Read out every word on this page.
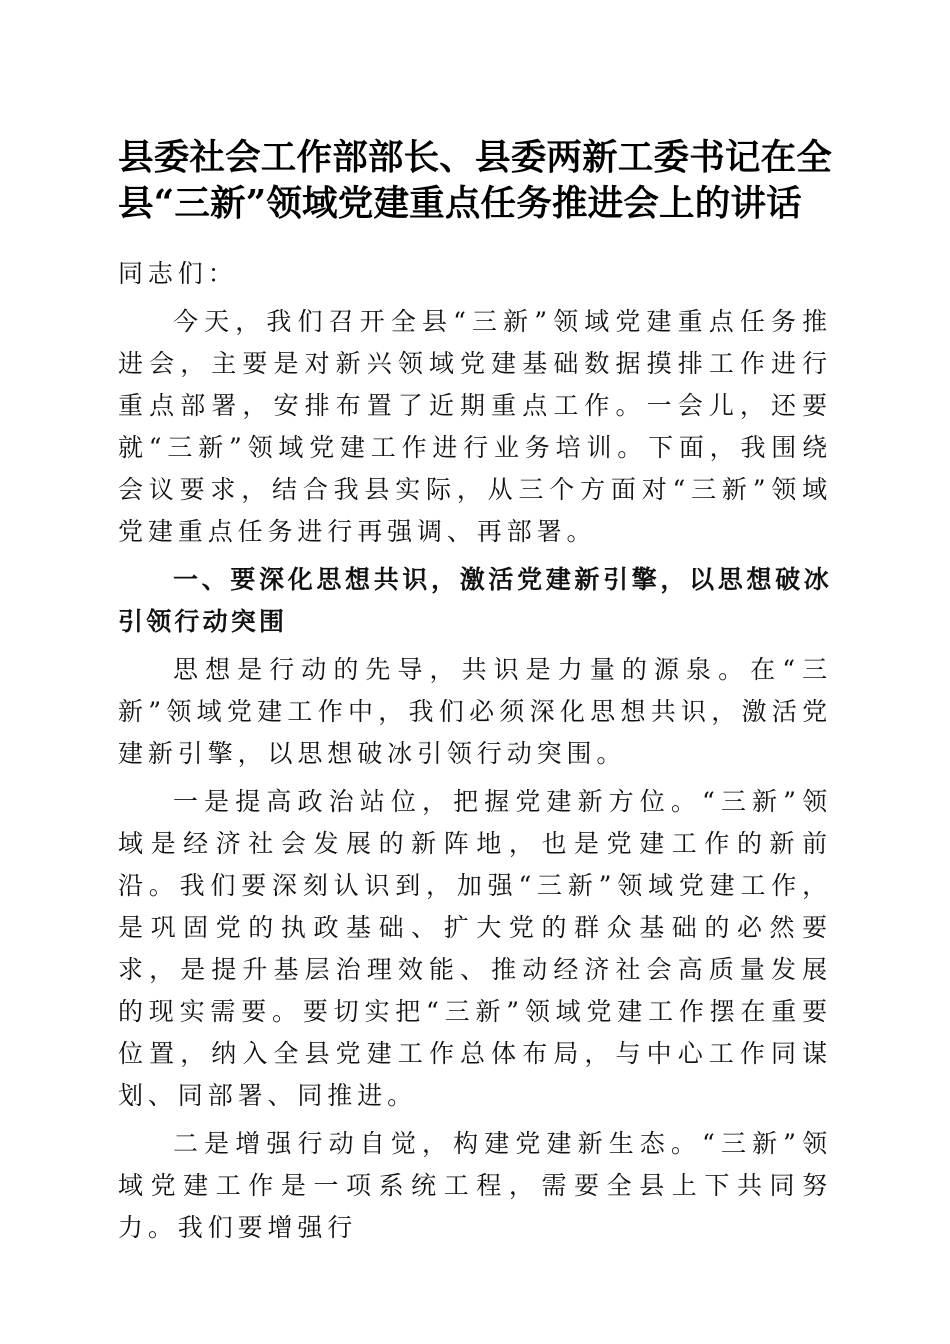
县委社会工作部部长、县委两新工委书记在全县“三新”领域党建重点任务推进会上的讲话

同志们：

今天，我们召开全县“三新”领域党建重点任务推进会，主要是对新兴领域党建基础数据摸排工作进行重点部署，安排布置了近期重点工作。一会儿，还要就“三新”领域党建工作进行业务培训。下面，我围绕会议要求，结合我县实际，从三个方面对“三新”领域党建重点任务进行再强调、再部署。

一、要深化思想共识，激活党建新引擎，以思想破冰引领行动突围

思想是行动的先导，共识是力量的源泉。在“三新”领域党建工作中，我们必须深化思想共识，激活党建新引擎，以思想破冰引领行动突围。

一是提高政治站位，把握党建新方位。“三新”领域是经济社会发展的新阵地，也是党建工作的新前沿。我们要深刻认识到，加强“三新”领域党建工作，是巩固党的执政基础、扩大党的群众基础的必然要求，是提升基层治理效能、推动经济社会高质量发展的现实需要。要切实把“三新”领域党建工作摆在重要位置，纳入全县党建工作总体布局，与中心工作同谋划、同部署、同推进。

二是增强行动自觉，构建党建新生态。“三新”领域党建工作是一项系统工程，需要全县上下共同努力。我们要增强行
